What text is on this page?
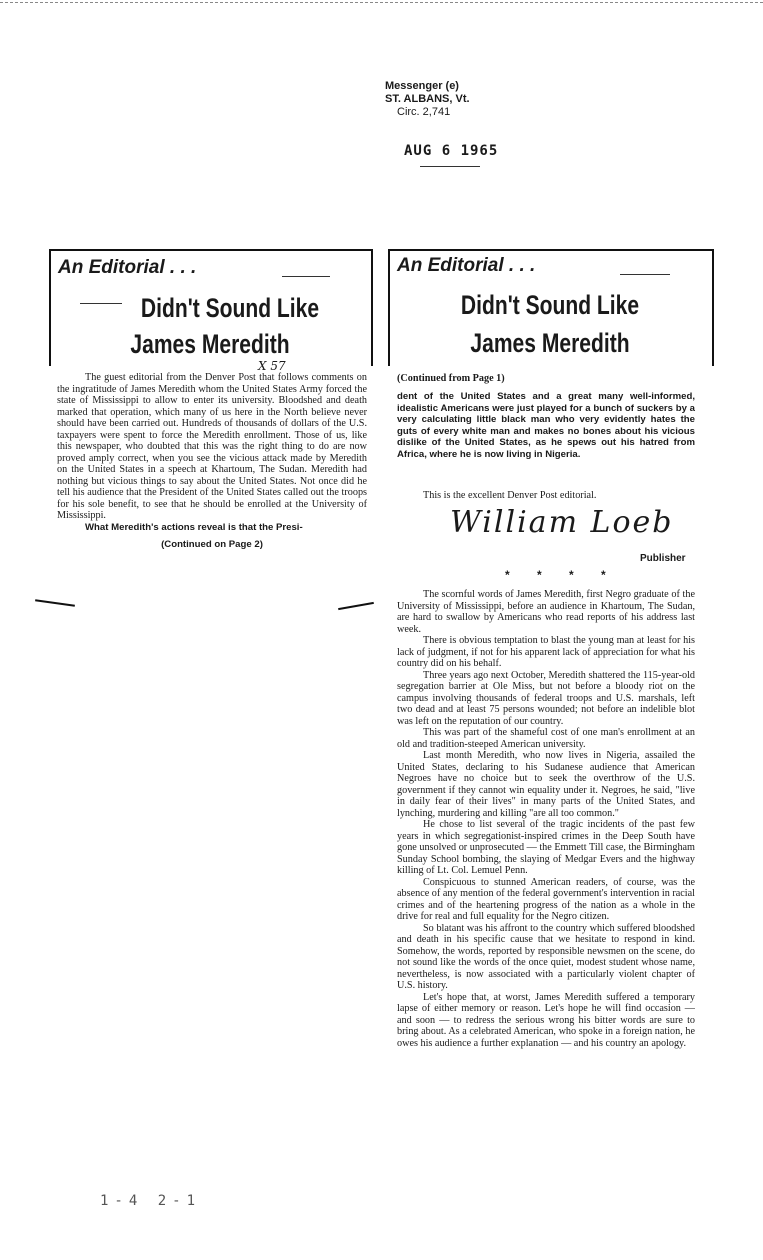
Messenger (e)
ST. ALBANS, Vt.
Circ. 2,741
AUG 6 1965
An Editorial . . .
Didn't Sound Like
James Meredith
X 57

The guest editorial from the Denver Post that follows comments on the ingratitude of James Meredith whom the United States Army forced the state of Mississippi to allow to enter its university. Bloodshed and death marked that operation, which many of us here in the North believe never should have been carried out. Hundreds of thousands of dollars of the U.S. taxpayers were spent to force the Meredith enrollment. Those of us, like this newspaper, who doubted that this was the right thing to do are now proved amply correct, when you see the vicious attack made by Meredith on the United States in a speech at Khartoum, The Sudan. Meredith had nothing but vicious things to say about the United States. Not once did he tell his audience that the President of the United States called out the troops for his sole benefit, to see that he should be enrolled at the University of Mississippi.

What Meredith's actions reveal is that the Presi-

(Continued on Page 2)

An Editorial . . .
Didn't Sound Like
James Meredith
(Continued from Page 1)
dent of the United States and a great many well-informed, idealistic Americans were just played for a bunch of suckers by a very calculating little black man who very evidently hates the guts of every white man and makes no bones about his vicious dislike of the United States, as he spews out his hatred from Africa, where he is now living in Nigeria.

This is the excellent Denver Post editorial.

William Loeb
Publisher
* * * *

The scornful words of James Meredith, first Negro graduate of the University of Mississippi, before an audience in Khartoum, The Sudan, are hard to swallow by Americans who read reports of his address last week.

There is obvious temptation to blast the young man at least for his lack of judgment, if not for his apparent lack of appreciation for what his country did on his behalf.

Three years ago next October, Meredith shattered the 115-year-old segregation barrier at Ole Miss, but not before a bloody riot on the campus involving thousands of federal troops and U.S. marshals, left two dead and at least 75 persons wounded; not before an indelible blot was left on the reputation of our country.

This was part of the shameful cost of one man's enrollment at an old and tradition-steeped American university.

Last month Meredith, who now lives in Nigeria, assailed the United States, declaring to his Sudanese audience that American Negroes have no choice but to seek the overthrow of the U.S. government if they cannot win equality under it. Negroes, he said, "live in daily fear of their lives" in many parts of the United States, and lynching, murdering and killing "are all too common."

He chose to list several of the tragic incidents of the past few years in which segregationist-inspired crimes in the Deep South have gone unsolved or unprosecuted — the Emmett Till case, the Birmingham Sunday School bombing, the slaying of Medgar Evers and the highway killing of Lt. Col. Lemuel Penn.

Conspicuous to stunned American readers, of course, was the absence of any mention of the federal government's intervention in racial crimes and of the heartening progress of the nation as a whole in the drive for real and full equality for the Negro citizen.

So blatant was his affront to the country which suffered bloodshed and death in his specific cause that we hesitate to respond in kind. Somehow, the words, reported by responsible newsmen on the scene, do not sound like the words of the once quiet, modest student whose name, nevertheless, is now associated with a particularly violent chapter of U.S. history.

Let's hope that, at worst, James Meredith suffered a temporary lapse of either memory or reason. Let's hope he will find occasion — and soon — to redress the serious wrong his bitter words are sure to bring about. As a celebrated American, who spoke in a foreign nation, he owes his audience a further explanation — and his country an apology.

1-4 2-1
